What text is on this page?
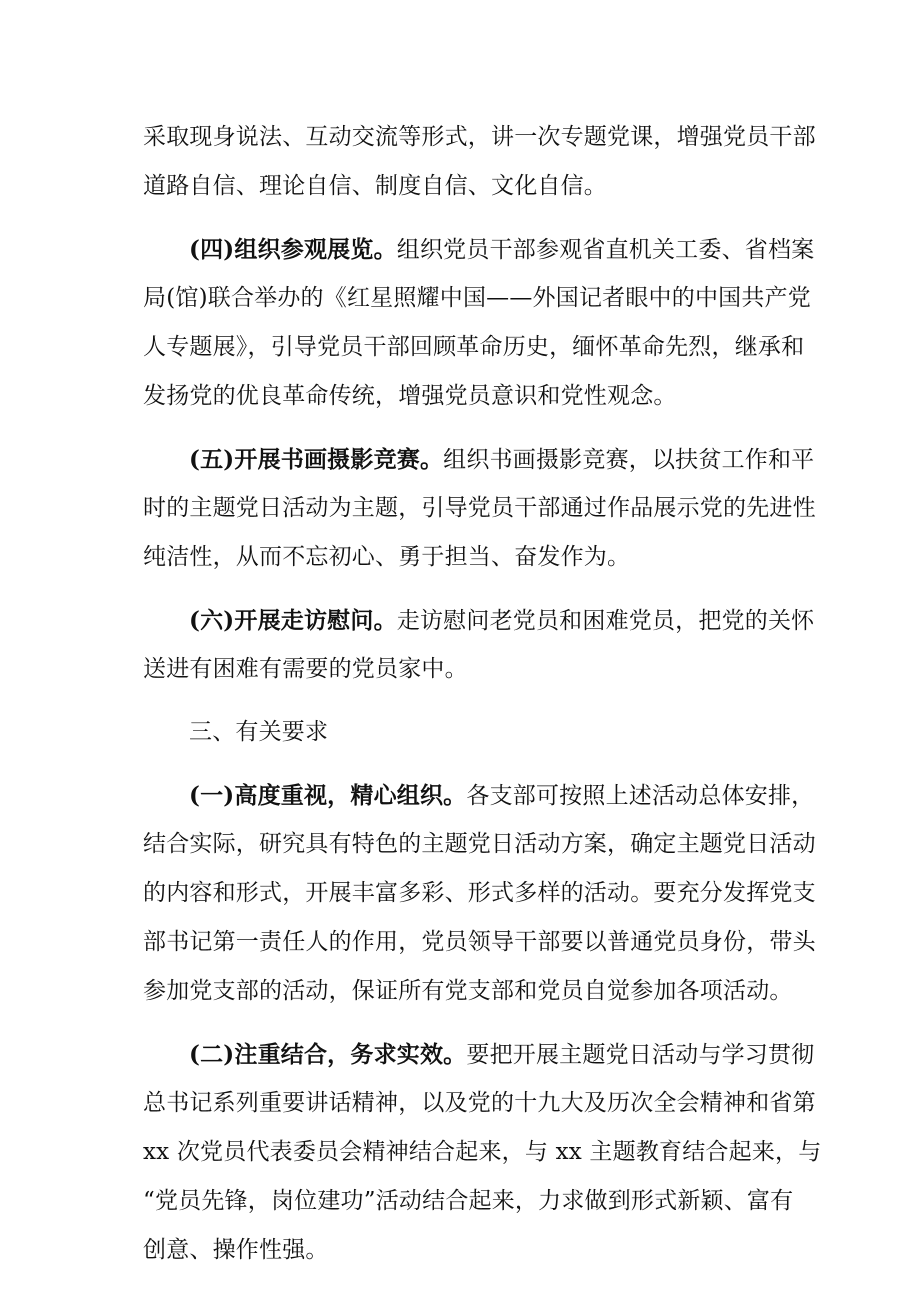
采取现身说法、互动交流等形式，讲一次专题党课，增强党员干部
道路自信、理论自信、制度自信、文化自信。
(四)组织参观展览。组织党员干部参观省直机关工委、省档案
局(馆)联合举办的《红星照耀中国——外国记者眼中的中国共产党
人专题展》，引导党员干部回顾革命历史，缅怀革命先烈，继承和
发扬党的优良革命传统，增强党员意识和党性观念。
(五)开展书画摄影竞赛。组织书画摄影竞赛，以扶贫工作和平
时的主题党日活动为主题，引导党员干部通过作品展示党的先进性
纯洁性，从而不忘初心、勇于担当、奋发作为。
(六)开展走访慰问。走访慰问老党员和困难党员，把党的关怀
送进有困难有需要的党员家中。
三、有关要求
(一)高度重视，精心组织。各支部可按照上述活动总体安排，
结合实际，研究具有特色的主题党日活动方案，确定主题党日活动
的内容和形式，开展丰富多彩、形式多样的活动。要充分发挥党支
部书记第一责任人的作用，党员领导干部要以普通党员身份，带头
参加党支部的活动，保证所有党支部和党员自觉参加各项活动。
(二)注重结合，务求实效。要把开展主题党日活动与学习贯彻
总书记系列重要讲话精神，以及党的十九大及历次全会精神和省第
xx 次党员代表委员会精神结合起来，与 xx 主题教育结合起来，与
“党员先锋，岗位建功”活动结合起来，力求做到形式新颖、富有
创意、操作性强。
